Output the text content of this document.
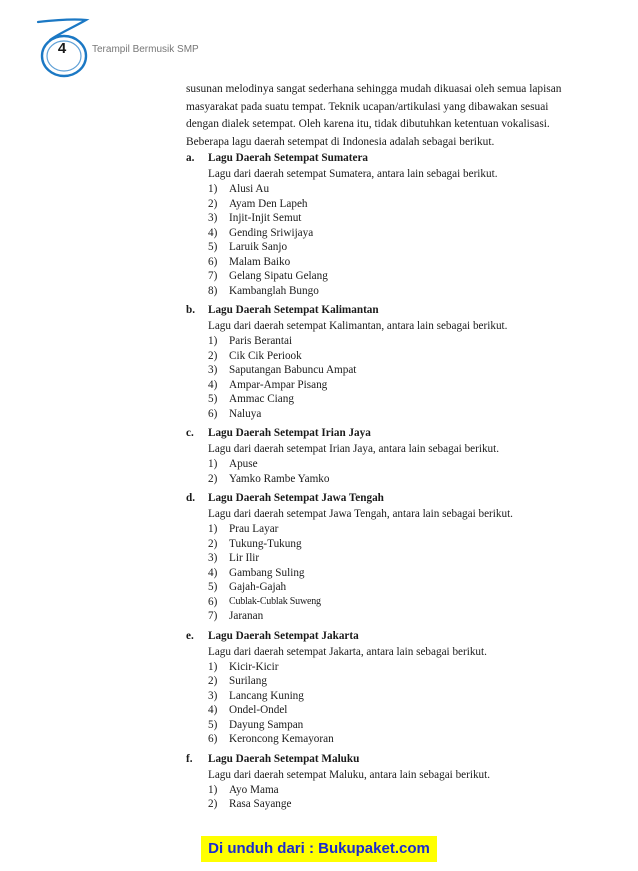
4	Terampil Bermusik SMP

susunan melodinya sangat sederhana sehingga mudah dikuasai oleh semua lapisan

masyarakat pada suatu tempat. Teknik ucapan/artikulasi yang dibawakan sesuai

dengan dialek setempat. Oleh karena itu, tidak dibutuhkan ketentuan vokalisasi.

Beberapa lagu daerah setempat di Indonesia adalah sebagai berikut.

a.	Lagu Daerah Setempat Sumatera
Lagu dari daerah setempat Sumatera, antara lain sebagai berikut.
1)	Alusi Au
2)	Ayam Den Lapeh
3)	Injit-Injit Semut
4)	Gending Sriwijaya
5)	Laruik Sanjo
6)	Malam Baiko
7)	Gelang Sipatu Gelang
8)	Kambanglah Bungo
b.	Lagu Daerah Setempat Kalimantan
Lagu dari daerah setempat Kalimantan, antara lain sebagai berikut.
1)	Paris Berantai
2)	Cik Cik Periook
3)	Saputangan Babuncu Ampat
4)	Ampar-Ampar Pisang
5)	Ammac Ciang
6)	Naluya
c.	Lagu Daerah Setempat Irian Jaya
Lagu dari daerah setempat Irian Jaya, antara lain sebagai berikut.
1)	Apuse
2)	Yamko Rambe Yamko
d.	Lagu Daerah Setempat Jawa Tengah
Lagu dari daerah setempat Jawa Tengah, antara lain sebagai berikut.
1)	Prau Layar
2)	Tukung-Tukung
3)	Lir Ilir
4)	Gambang Suling
5)	Gajah-Gajah
6)	Cublak-Cublak Suweng
7)	Jaranan
e.	Lagu Daerah Setempat Jakarta
Lagu dari daerah setempat Jakarta, antara lain sebagai berikut.
1)	Kicir-Kicir
2)	Surilang
3)	Lancang Kuning
4)	Ondel-Ondel
5)	Dayung Sampan
6)	Keroncong Kemayoran
f.	Lagu Daerah Setempat Maluku
Lagu dari daerah setempat Maluku, antara lain sebagai berikut.
1)	Ayo Mama
2)	Rasa Sayange
Di unduh dari : Bukupaket.com
